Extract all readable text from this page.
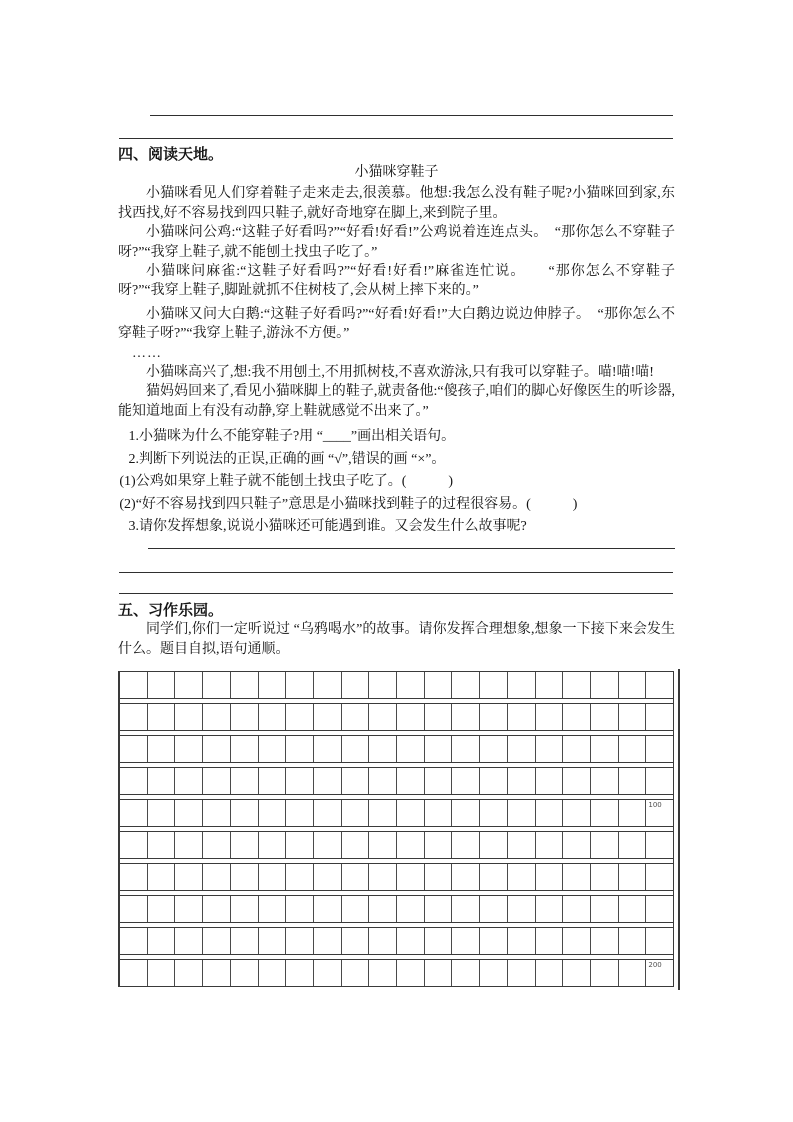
四、阅读天地。
小猫咪穿鞋子

小猫咪看见人们穿着鞋子走来走去,很羡慕。他想:我怎么没有鞋子呢?小猫咪回到家,东找西找,好不容易找到四只鞋子,就好奇地穿在脚上,来到院子里。

小猫咪问公鸡:“这鞋子好看吗?”“好看!好看!”公鸡说着连连点头。　“那你怎么不穿鞋子呀?”“我穿上鞋子,就不能刨土找虫子吃了。”

小猫咪问麻雀:“这鞋子好看吗?”“好看!好看!”麻雀连忙说。　　“那你怎么不穿鞋子呀?”“我穿上鞋子,脚趾就抓不住树枝了,会从树上摔下来的。”

小猫咪又问大白鹅:“这鞋子好看吗?”“好看!好看!”大白鹅边说边伸脖子。　“那你怎么不穿鞋子呀?”“我穿上鞋子,游泳不方便。”

……

小猫咪高兴了,想:我不用刨土,不用抓树枝,不喜欢游泳,只有我可以穿鞋子。喵!喵!喵!

猫妈妈回来了,看见小猫咪脚上的鞋子,就责备他:“傻孩子,咱们的脚心好像医生的听诊器,能知道地面上有没有动静,穿上鞋就感觉不出来了。”

1.小猫咪为什么不能穿鞋子?用 “____”画出相关语句。
2.判断下列说法的正误,正确的画 “√”,错误的画 “×”。
(1)公鸡如果穿上鞋子就不能刨土找虫子吃了。(　　　)
(2)“好不容易找到四只鞋子”意思是小猫咪找到鞋子的过程很容易。(　　　)
3.请你发挥想象,说说小猫咪还可能遇到谁。又会发生什么故事呢?
五、习作乐园。

同学们,你们一定听说过 “乌鸦喝水”的故事。请你发挥合理想象,想象一下接下来会发生什么。题目自拟,语句通顺。

100
200
